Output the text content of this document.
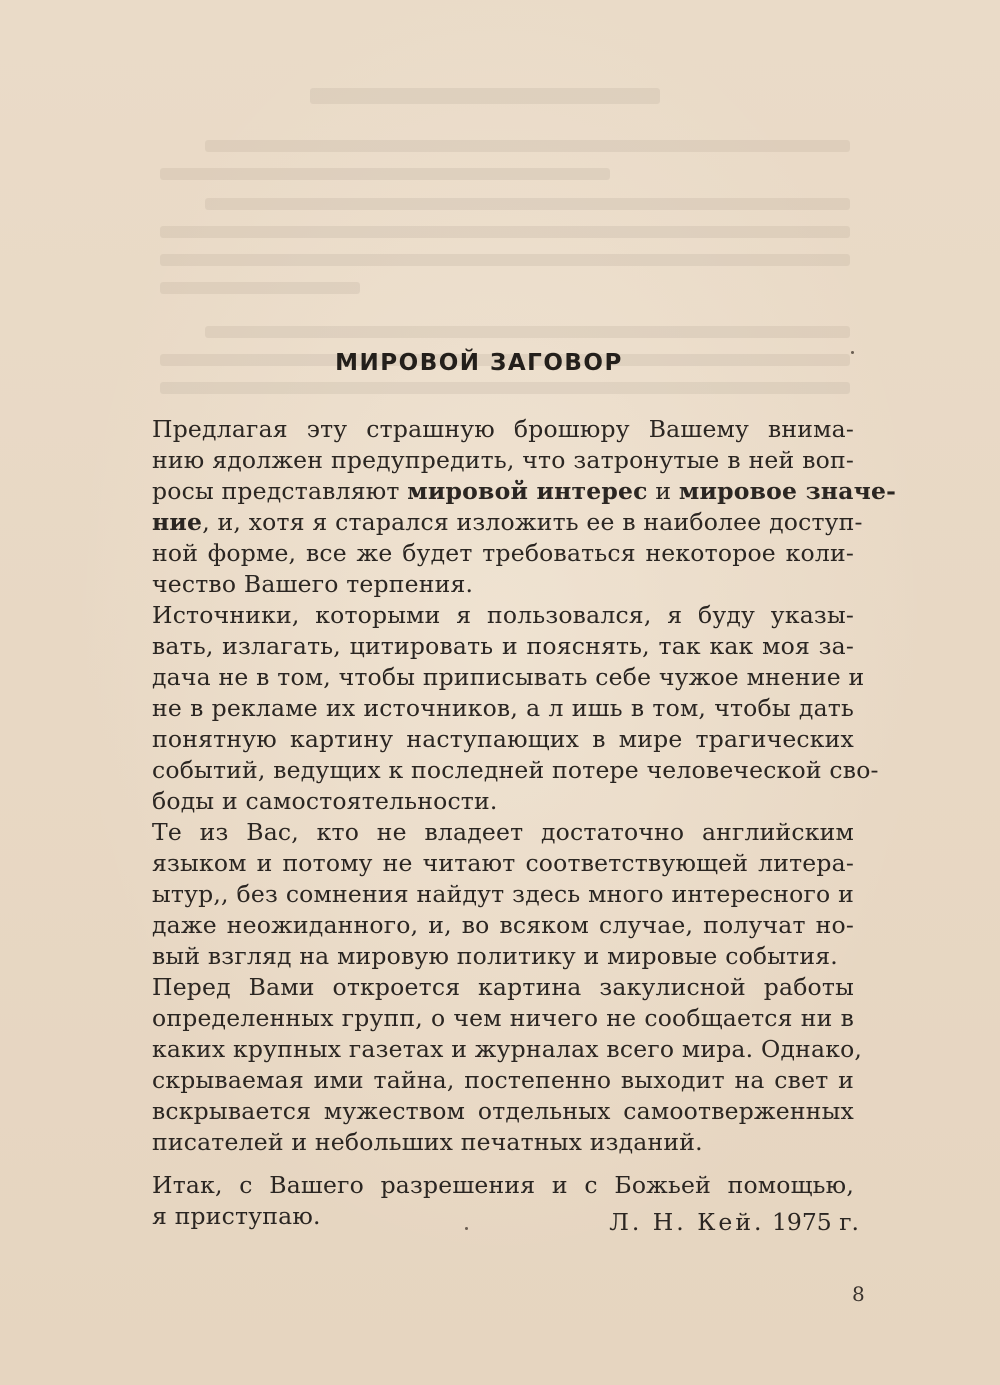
МИРОВОЙ ЗАГОВОР
Предлагая эту страшную брошюру Вашему внима-
нию ядолжен предупредить, что затронутые в ней воп-
росы представляют мировой интерес и мировое значе-
ние, и, хотя я старался изложить ее в наиболее доступ-
ной форме, все же будет требоваться некоторое коли-
чество Вашего терпения.
Источники, которыми я пользовался, я буду указы-
вать, излагать, цитировать и пояснять, так как моя за-
дача не в том, чтобы приписывать себе чужое мнение и
не в рекламе их источников, а л ишь в том, чтобы дать
понятную картину наступающих в мире трагических
событий, ведущих к последней потере человеческой сво-
боды и самостоятельности.
Те из Вас, кто не владеет достаточно английским
языком и потому не читают соответствующей литера-
ытур,, без сомнения найдут здесь много интересного и
даже неожиданного, и, во всяком случае, получат но-
вый взгляд на мировую политику и мировые события.
Перед Вами откроется картина закулисной работы
определенных групп, о чем ничего не сообщается ни в
каких крупных газетах и журналах всего мира. Однако,
скрываемая ими тайна, постепенно выходит на свет и
вскрывается мужеством отдельных самоотверженных
писателей и небольших печатных изданий.
Итак, с Вашего разрешения и с Божьей помощью,
я приступаю.	Л. Н. Кей. 1975 г.
8
